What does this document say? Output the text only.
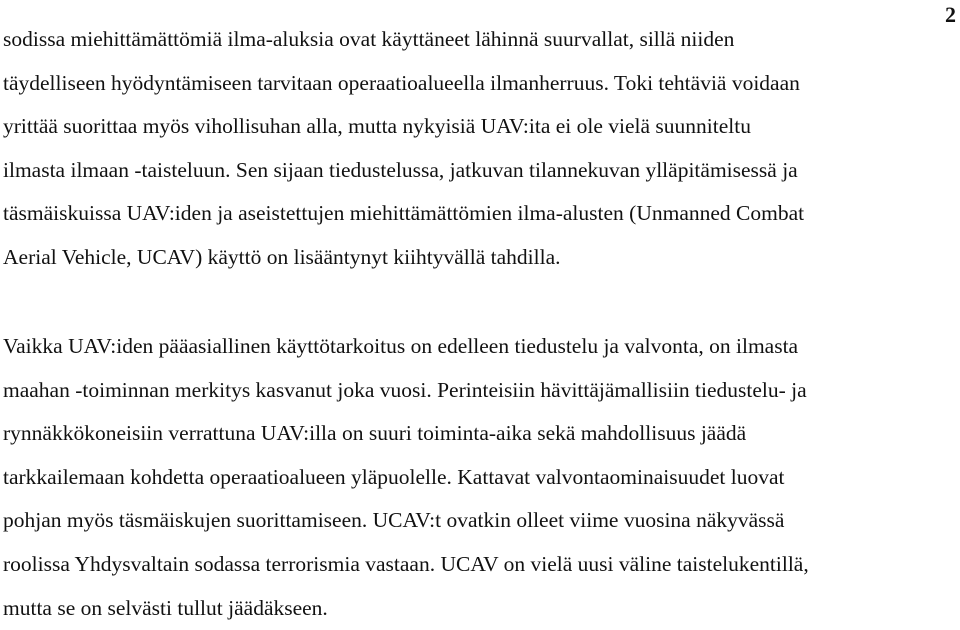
2
sodissa miehittämättömiä ilma-aluksia ovat käyttäneet lähinnä suurvallat, sillä niiden
täydelliseen hyödyntämiseen tarvitaan operaatioalueella ilmanherruus. Toki tehtäviä voidaan
yrittää suorittaa myös vihollisuhan alla, mutta nykyisiä UAV:ita ei ole vielä suunniteltu
ilmasta ilmaan -taisteluun. Sen sijaan tiedustelussa, jatkuvan tilannekuvan ylläpitämisessä ja
täsmäiskuissa UAV:iden ja aseistettujen miehittämättömien ilma-alusten (Unmanned Combat
Aerial Vehicle, UCAV) käyttö on lisääntynyt kiihtyvällä tahdilla.
Vaikka UAV:iden pääasiallinen käyttötarkoitus on edelleen tiedustelu ja valvonta, on ilmasta
maahan -toiminnan merkitys kasvanut joka vuosi. Perinteisiin hävittäjämallisiin tiedustelu- ja
rynnäkkökoneisiin verrattuna UAV:illa on suuri toiminta-aika sekä mahdollisuus jäädä
tarkkailemaan kohdetta operaatioalueen yläpuolelle. Kattavat valvontaominaisuudet luovat
pohjan myös täsmäiskujen suorittamiseen. UCAV:t ovatkin olleet viime vuosina näkyvässä
roolissa Yhdysvaltain sodassa terrorismia vastaan. UCAV on vielä uusi väline taistelukentillä,
mutta se on selvästi tullut jäädäkseen.
